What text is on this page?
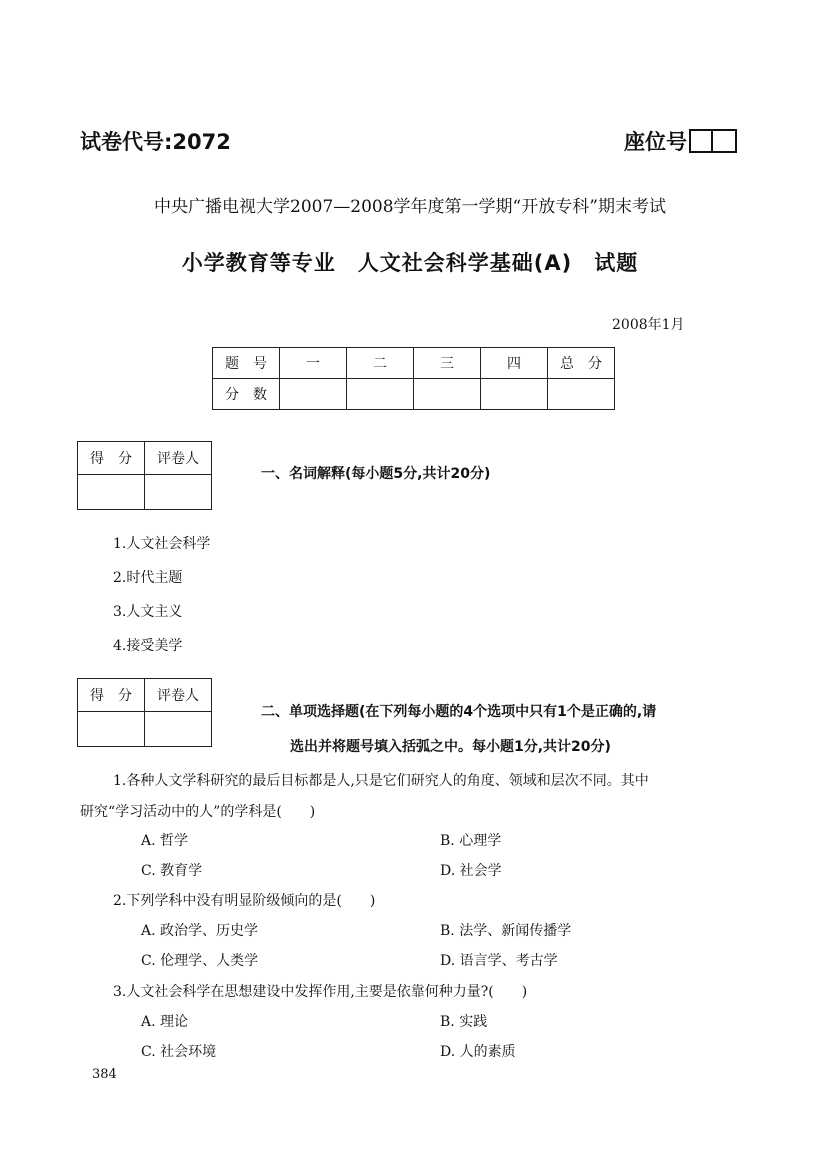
试卷代号:2072	座位号
中央广播电视大学2007—2008学年度第一学期“开放专科”期末考试
小学教育等专业　人文社会科学基础(A)　试题
2008年1月
题　号	一	二	三	四	总　分
分　数					
得　分	评卷人

一、名词解释(每小题5分,共计20分)
1.人文社会科学
2.时代主题
3.人文主义
4.接受美学
得　分	评卷人

二、单项选择题(在下列每小题的4个选项中只有1个是正确的,请
选出并将题号填入括弧之中。每小题1分,共计20分)
1.各种人文学科研究的最后目标都是人,只是它们研究人的角度、领域和层次不同。其中
研究“学习活动中的人”的学科是(　　)
A. 哲学	B. 心理学
C. 教育学	D. 社会学
2.下列学科中没有明显阶级倾向的是(　　)
A. 政治学、历史学	B. 法学、新闻传播学
C. 伦理学、人类学	D. 语言学、考古学
3.人文社会科学在思想建设中发挥作用,主要是依靠何种力量?(　　)
A. 理论	B. 实践
C. 社会环境	D. 人的素质
384
